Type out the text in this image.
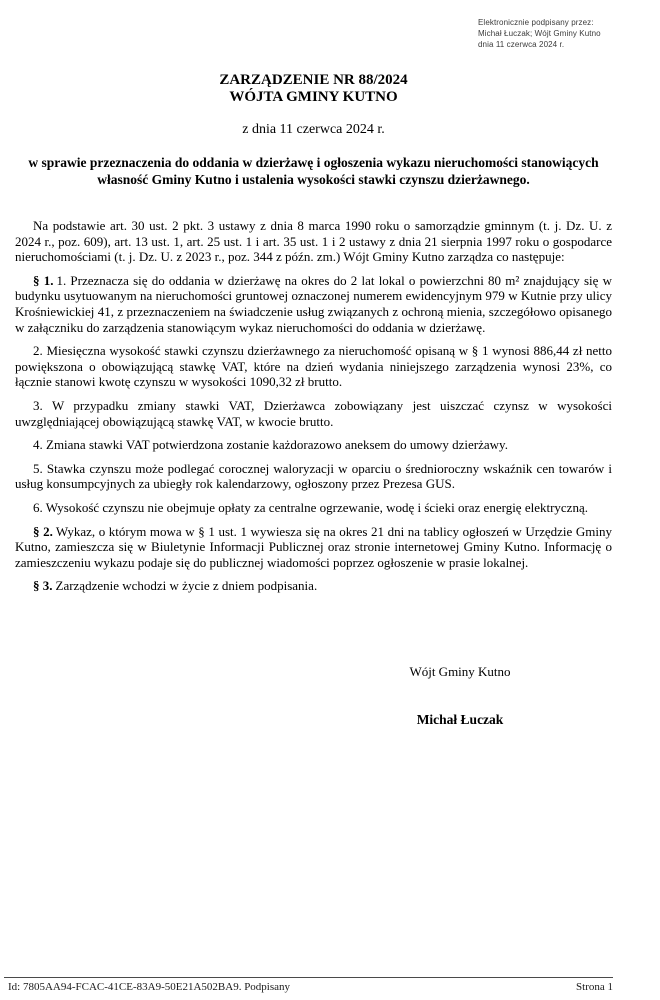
Elektronicznie podpisany przez:
Michał Łuczak; Wójt Gminy Kutno
dnia 11 czerwca 2024 r.
ZARZĄDZENIE NR 88/2024
WÓJTA GMINY KUTNO
z dnia 11 czerwca 2024 r.
w sprawie przeznaczenia do oddania w dzierżawę i ogłoszenia wykazu nieruchomości stanowiących własność Gminy Kutno i ustalenia wysokości stawki czynszu dzierżawnego.

Na podstawie art. 30 ust. 2 pkt. 3 ustawy z dnia 8 marca 1990 roku o samorządzie gminnym (t. j. Dz. U. z 2024 r., poz. 609), art. 13 ust. 1, art. 25 ust. 1 i art. 35 ust. 1 i 2 ustawy z dnia 21 sierpnia 1997 roku o gospodarce nieruchomościami (t. j. Dz. U. z 2023 r., poz. 344 z późn. zm.) Wójt Gminy Kutno zarządza co następuje:

§ 1. 1. Przeznacza się do oddania w dzierżawę na okres do 2 lat lokal o powierzchni 80 m² znajdujący się w budynku usytuowanym na nieruchomości gruntowej oznaczonej numerem ewidencyjnym 979 w Kutnie przy ulicy Krośniewickiej 41, z przeznaczeniem na świadczenie usług związanych z ochroną mienia, szczegółowo opisanego w załączniku do zarządzenia stanowiącym wykaz nieruchomości do oddania w dzierżawę.

2. Miesięczna wysokość stawki czynszu dzierżawnego za nieruchomość opisaną w § 1 wynosi 886,44 zł netto powiększona o obowiązującą stawkę VAT, które na dzień wydania niniejszego zarządzenia wynosi 23%, co łącznie stanowi kwotę czynszu w wysokości 1090,32 zł brutto.

3. W przypadku zmiany stawki VAT, Dzierżawca zobowiązany jest uiszczać czynsz w wysokości uwzględniającej obowiązującą stawkę VAT, w kwocie brutto.

4. Zmiana stawki VAT potwierdzona zostanie każdorazowo aneksem do umowy dzierżawy.

5. Stawka czynszu może podlegać corocznej waloryzacji w oparciu o średnioroczny wskaźnik cen towarów i usług konsumpcyjnych za ubiegły rok kalendarzowy, ogłoszony przez Prezesa GUS.

6. Wysokość czynszu nie obejmuje opłaty za centralne ogrzewanie, wodę i ścieki oraz energię elektryczną.

§ 2. Wykaz, o którym mowa w § 1 ust. 1 wywiesza się na okres 21 dni na tablicy ogłoszeń w Urzędzie Gminy Kutno, zamieszcza się w Biuletynie Informacji Publicznej oraz stronie internetowej Gminy Kutno. Informację o zamieszczeniu wykazu podaje się do publicznej wiadomości poprzez ogłoszenie w prasie lokalnej.

§ 3. Zarządzenie wchodzi w życie z dniem podpisania.

Wójt Gminy Kutno
Michał Łuczak
Id: 7805AA94-FCAC-41CE-83A9-50E21A502BA9. Podpisany	Strona 1
